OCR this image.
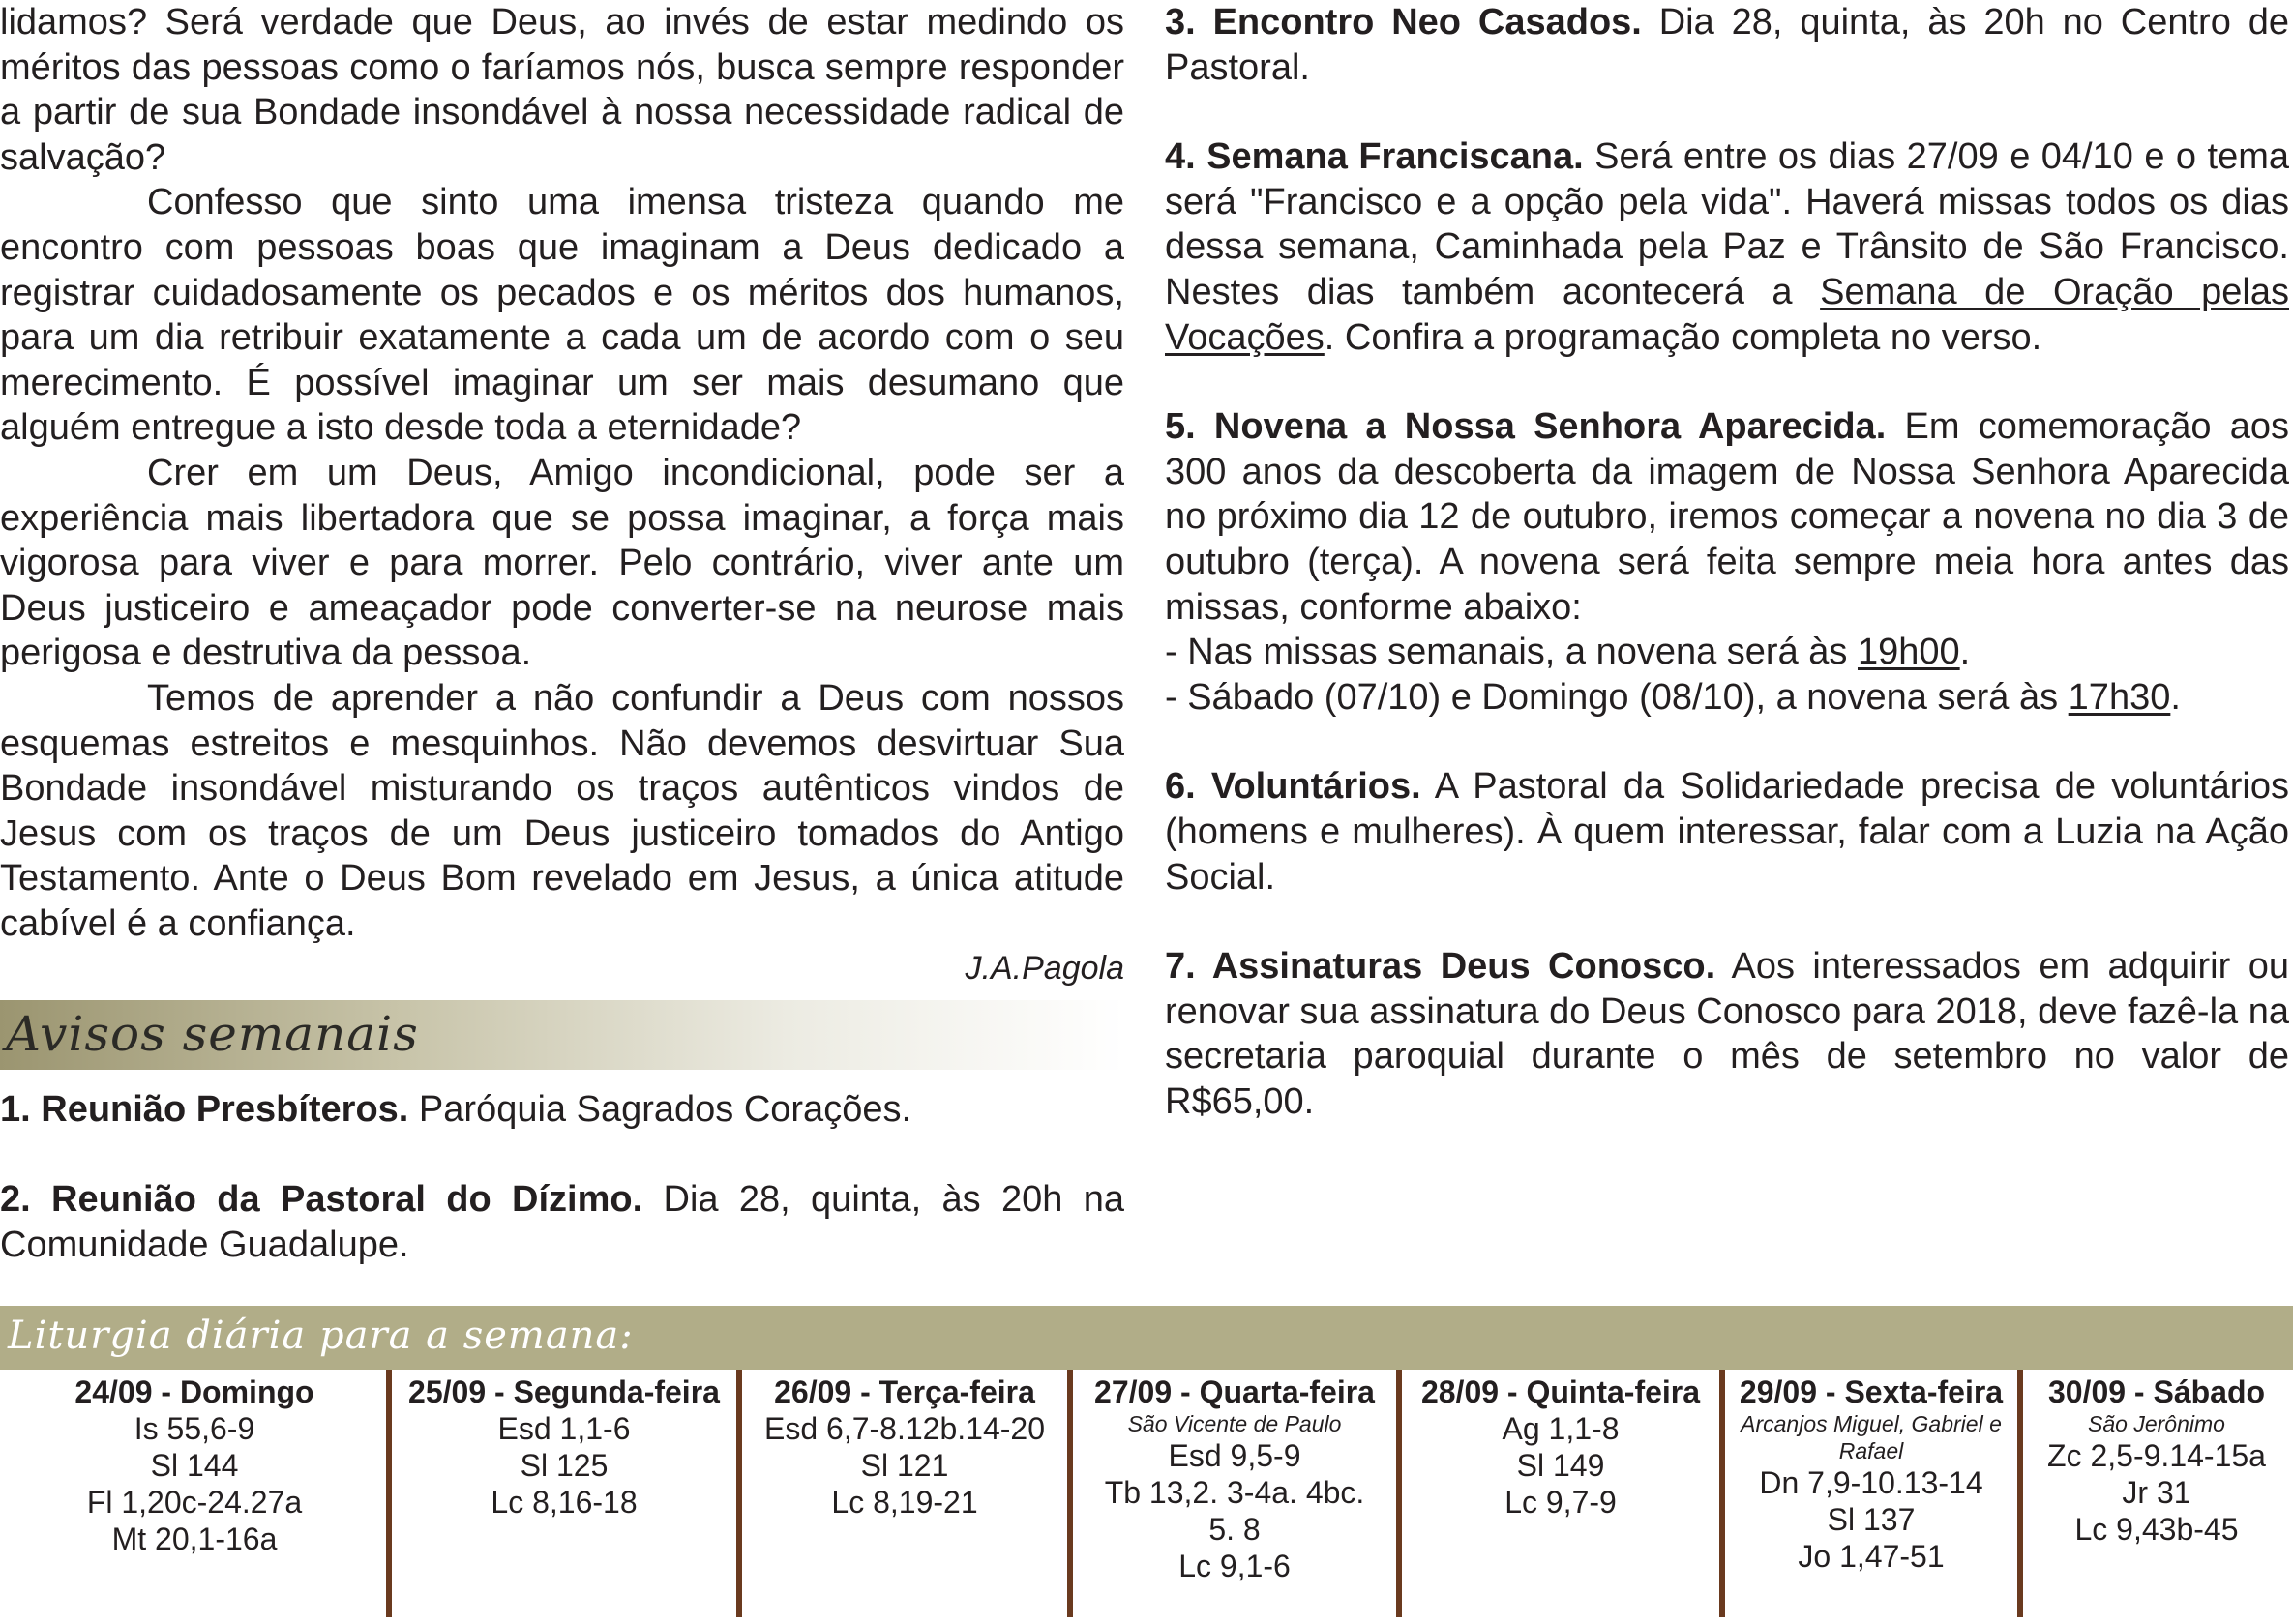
lidamos? Será verdade que Deus, ao invés de estar medindo os méritos das pessoas como o faríamos nós, busca sempre responder a partir de sua Bondade insondável à nossa necessidade radical de salvação?

Confesso que sinto uma imensa tristeza quando me encontro com pessoas boas que imaginam a Deus dedicado a registrar cuidadosamente os pecados e os méritos dos humanos, para um dia retribuir exatamente a cada um de acordo com o seu merecimento. É possível imaginar um ser mais desumano que alguém entregue a isto desde toda a eternidade?

Crer em um Deus, Amigo incondicional, pode ser a experiência mais libertadora que se possa imaginar, a força mais vigorosa para viver e para morrer. Pelo contrário, viver ante um Deus justiceiro e ameaçador pode converter-se na neurose mais perigosa e destrutiva da pessoa.

Temos de aprender a não confundir a Deus com nossos esquemas estreitos e mesquinhos. Não devemos desvirtuar Sua Bondade insondável misturando os traços autênticos vindos de Jesus com os traços de um Deus justiceiro tomados do Antigo Testamento. Ante o Deus Bom revelado em Jesus, a única atitude cabível é a confiança.

J.A.Pagola

Avisos semanais

1. Reunião Presbíteros. Paróquia Sagrados Corações.

2. Reunião da Pastoral do Dízimo. Dia 28, quinta, às 20h na Comunidade Guadalupe.

3. Encontro Neo Casados. Dia 28, quinta, às 20h no Centro de Pastoral.

4. Semana Franciscana. Será entre os dias 27/09 e 04/10 e o tema será "Francisco e a opção pela vida". Haverá missas todos os dias dessa semana, Caminhada pela Paz e Trânsito de São Francisco. Nestes dias também acontecerá a Semana de Oração pelas Vocações. Confira a programação completa no verso.

5. Novena a Nossa Senhora Aparecida. Em comemoração aos 300 anos da descoberta da imagem de Nossa Senhora Aparecida no próximo dia 12 de outubro, iremos começar a novena no dia 3 de outubro (terça). A novena será feita sempre meia hora antes das missas, conforme abaixo:

- Nas missas semanais, a novena será às 19h00.

- Sábado (07/10) e Domingo (08/10), a novena será às 17h30.

6. Voluntários. A Pastoral da Solidariedade precisa de voluntários (homens e mulheres). À quem interessar, falar com a Luzia na Ação Social.

7. Assinaturas Deus Conosco. Aos interessados em adquirir ou renovar sua assinatura do Deus Conosco para 2018, deve fazê-la na secretaria paroquial durante o mês de setembro no valor de R$65,00.

Liturgia diária para a semana:

24/09 - Domingo

Is 55,6-9

Sl 144

Fl 1,20c-24.27a

Mt 20,1-16a

25/09 - Segunda-feira

Esd 1,1-6

Sl 125

Lc 8,16-18

26/09 - Terça-feira

Esd 6,7-8.12b.14-20

Sl 121

Lc 8,19-21

27/09 - Quarta-feira

São Vicente de Paulo

Esd 9,5-9

Tb 13,2. 3-4a. 4bc. 5. 8

Lc 9,1-6

28/09 - Quinta-feira

Ag 1,1-8

Sl 149

Lc 9,7-9

29/09 - Sexta-feira

Arcanjos Miguel, Gabriel e Rafael

Dn 7,9-10.13-14

Sl 137

Jo 1,47-51

30/09 - Sábado

São Jerônimo

Zc 2,5-9.14-15a

Jr 31

Lc 9,43b-45
